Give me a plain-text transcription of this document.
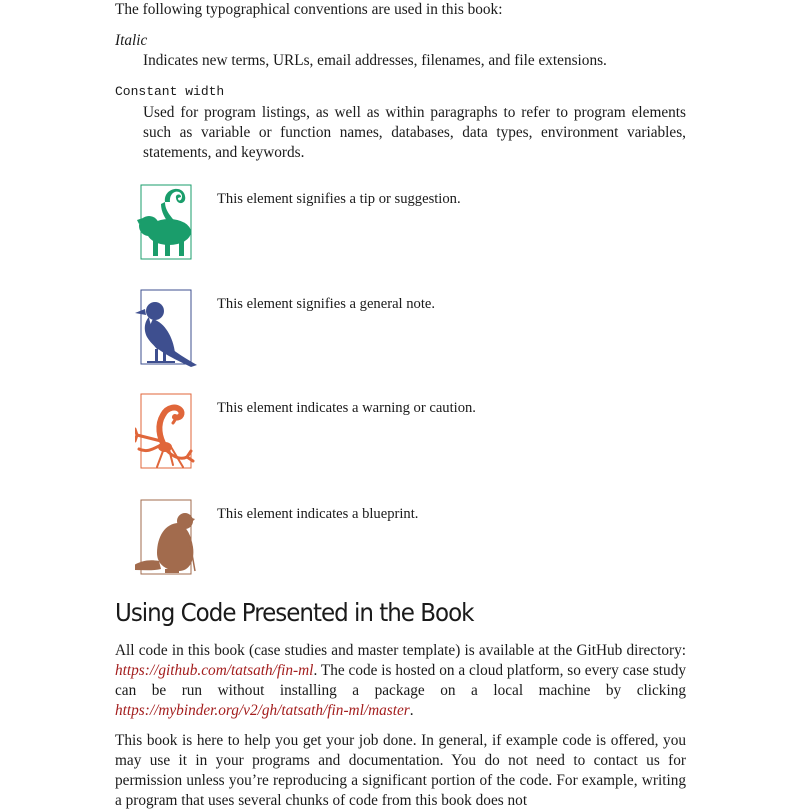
The following typographical conventions are used in this book:

Italic

Indicates new terms, URLs, email addresses, filenames, and file extensions.

Constant width

Used for program listings, as well as within paragraphs to refer to program elements such as variable or function names, databases, data types, environment variables, statements, and keywords.

This element signifies a tip or suggestion.
This element signifies a general note.
This element indicates a warning or caution.
This element indicates a blueprint.
Using Code Presented in the Book

All code in this book (case studies and master template) is available at the GitHub directory: https://github.com/tatsath/fin-ml. The code is hosted on a cloud platform, so every case study can be run without installing a package on a local machine by clicking https://mybinder.org/v2/gh/tatsath/fin-ml/master.

This book is here to help you get your job done. In general, if example code is offered, you may use it in your programs and documentation. You do not need to contact us for permission unless you’re reproducing a significant portion of the code. For example, writing a program that uses several chunks of code from this book does not
